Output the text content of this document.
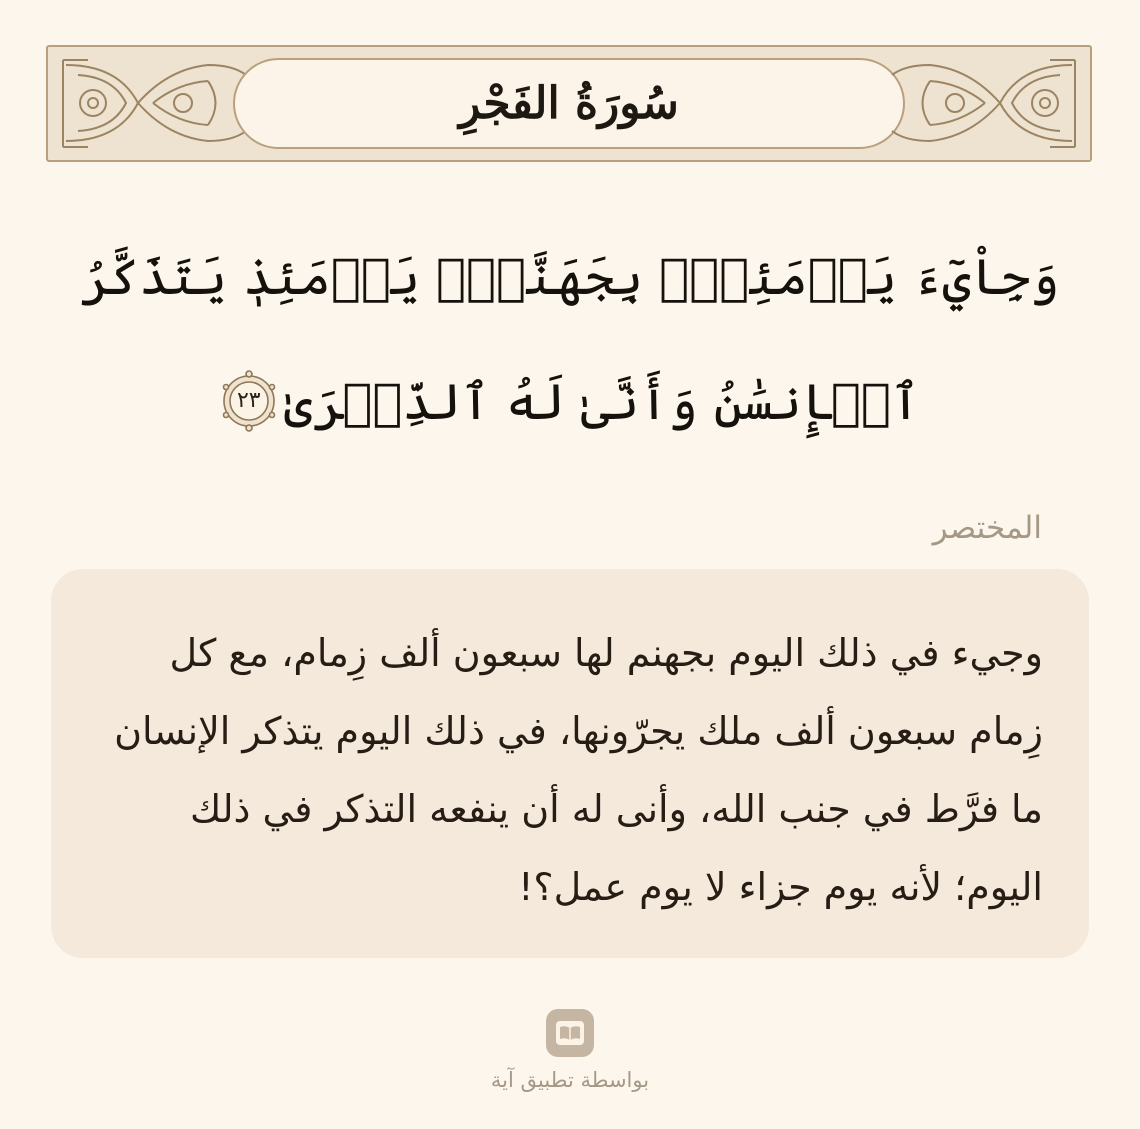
سُورَةُ الفَجْرِ
وَجِاْيٓءَ يَوۡمَئِذِۭ بِجَهَنَّمَۚ يَوۡمَئِذٖ يَتَذَكَّرُ ٱلۡإِنسَٰنُ وَأَنَّىٰ لَهُ ٱلذِّكۡرَىٰ
٢٣
المختصر
وجيء في ذلك اليوم بجهنم لها سبعون ألف زِمام، مع كل زِمام سبعون ألف ملك يجرّونها، في ذلك اليوم يتذكر الإنسان ما فرَّط في جنب الله، وأنى له أن ينفعه التذكر في ذلك اليوم؛ لأنه يوم جزاء لا يوم عمل؟!
بواسطة تطبيق آية
